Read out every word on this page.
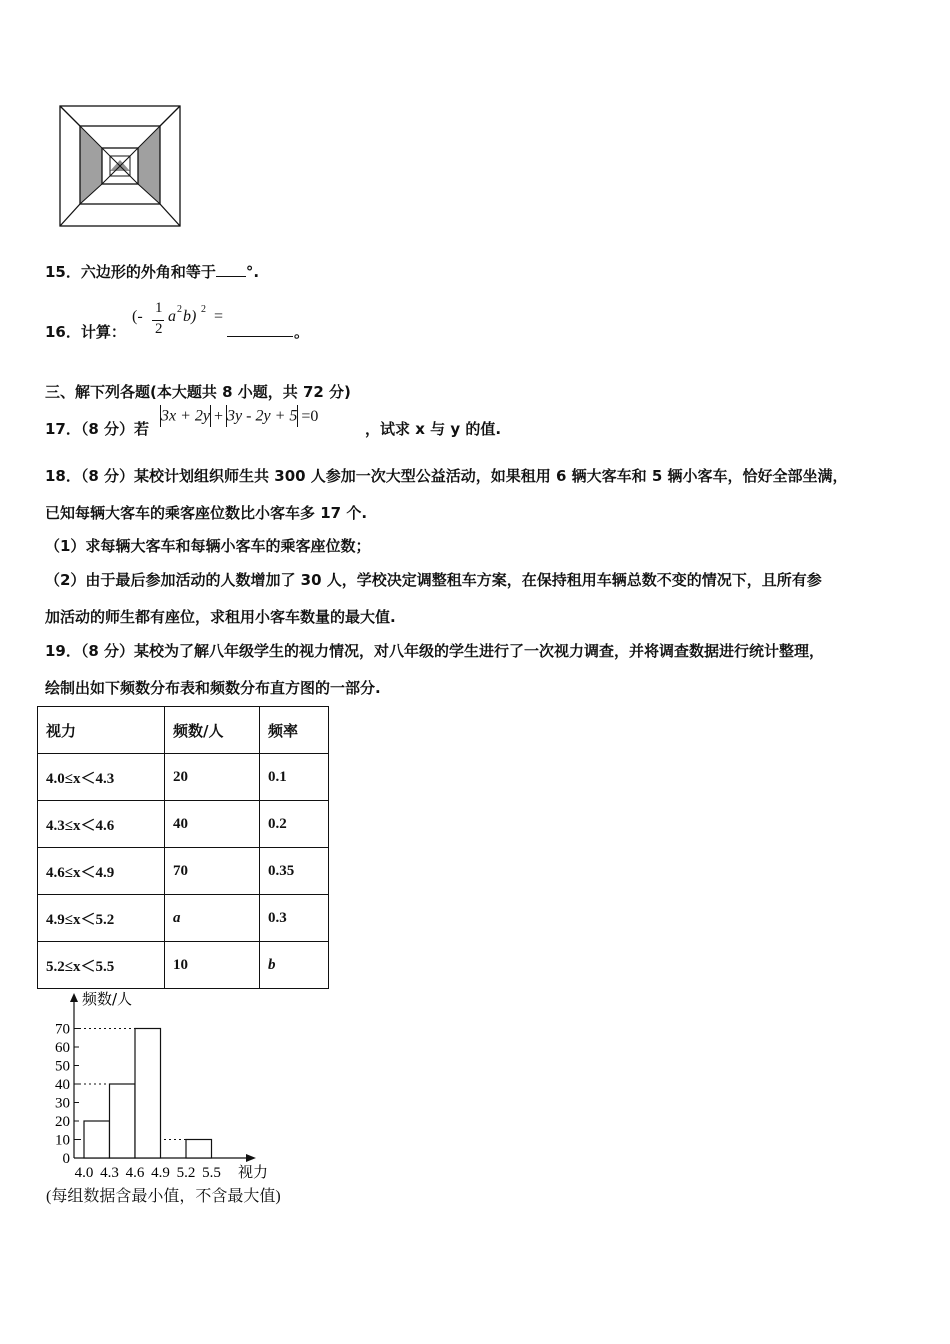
15．六边形的外角和等于 °.
16．计算：
(- 1
2
a 2 b) 2 =
。
三、解下列各题(本大题共 8 小题，共 72 分)
17．（8 分）若
3x + 2y + 3y - 2y + 5 =0
，试求 x 与 y 的值.
18．（8 分）某校计划组织师生共 300 人参加一次大型公益活动，如果租用 6 辆大客车和 5 辆小客车，恰好全部坐满，
已知每辆大客车的乘客座位数比小客车多 17 个.
（1）求每辆大客车和每辆小客车的乘客座位数；
（2）由于最后参加活动的人数增加了 30 人，学校决定调整租车方案，在保持租用车辆总数不变的情况下，且所有参
加活动的师生都有座位，求租用小客车数量的最大值.
19．（8 分）某校为了解八年级学生的视力情况，对八年级的学生进行了一次视力调查，并将调查数据进行统计整理，
绘制出如下频数分布表和频数分布直方图的一部分.
视力	频数/人	频率
4.0≤x＜4.3	20	0.1
4.3≤x＜4.6	40	0.2
4.6≤x＜4.9	70	0.35
4.9≤x＜5.2	a	0.3
5.2≤x＜5.5	10	b
频数/人
视力
0
10
20
30
40
50
60
70
4.0 4.3 4.6 4.9 5.2 5.5
(每组数据含最小值，不含最大值)
